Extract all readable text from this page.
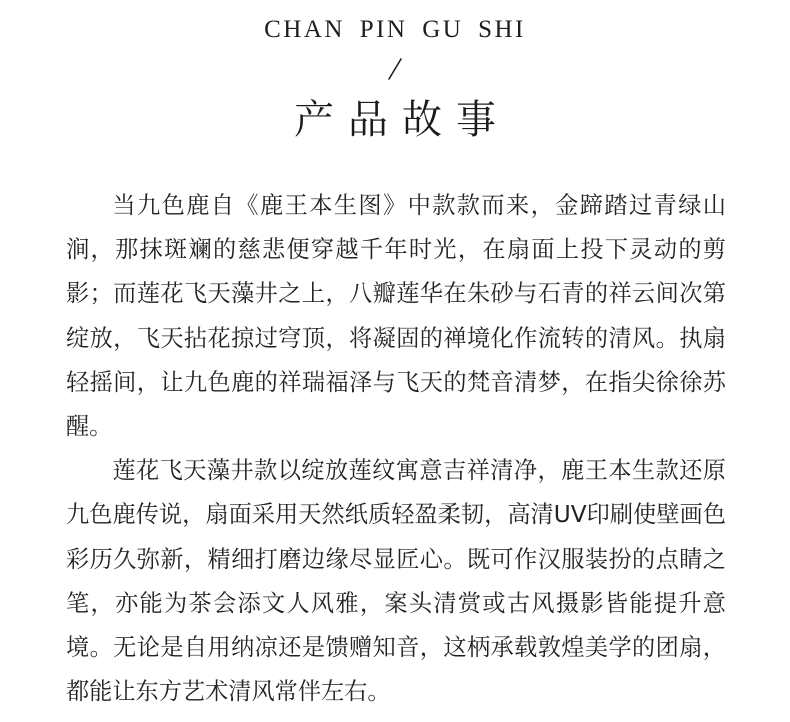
CHAN PIN GU SHI
产品故事

当九色鹿自《鹿王本生图》中款款而来，金蹄踏过青绿山涧，那抹斑斓的慈悲便穿越千年时光，在扇面上投下灵动的剪影；而莲花飞天藻井之上，八瓣莲华在朱砂与石青的祥云间次第绽放，飞天拈花掠过穹顶，将凝固的禅境化作流转的清风。执扇轻摇间，让九色鹿的祥瑞福泽与飞天的梵音清梦，在指尖徐徐苏醒。

莲花飞天藻井款以绽放莲纹寓意吉祥清净，鹿王本生款还原九色鹿传说，扇面采用天然纸质轻盈柔韧，高清UV印刷使壁画色彩历久弥新，精细打磨边缘尽显匠心。既可作汉服装扮的点睛之笔，亦能为茶会添文人风雅，案头清赏或古风摄影皆能提升意境。无论是自用纳凉还是馈赠知音，这柄承载敦煌美学的团扇，都能让东方艺术清风常伴左右。
